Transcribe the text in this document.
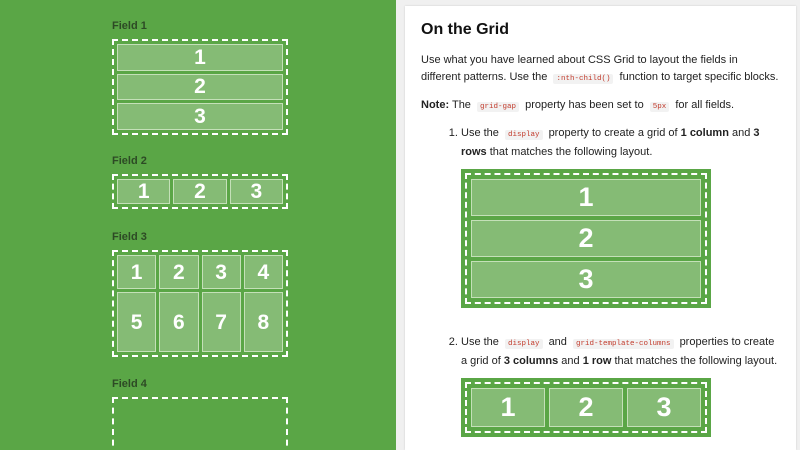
Field 1
1
2
3
Field 2
1	2	3
Field 3
1	2	3	4
5	6	7	8
Field 4
On the Grid

Use what you have learned about CSS Grid to layout the fields in different patterns. Use the :nth-child() function to target specific blocks.

Note: The grid-gap property has been set to 5px for all fields.

1. Use the display property to create a grid of 1 column and 3 rows that matches the following layout.
1
2
3
2. Use the display and grid-template-columns properties to create a grid of 3 columns and 1 row that matches the following layout.
1	2	3
